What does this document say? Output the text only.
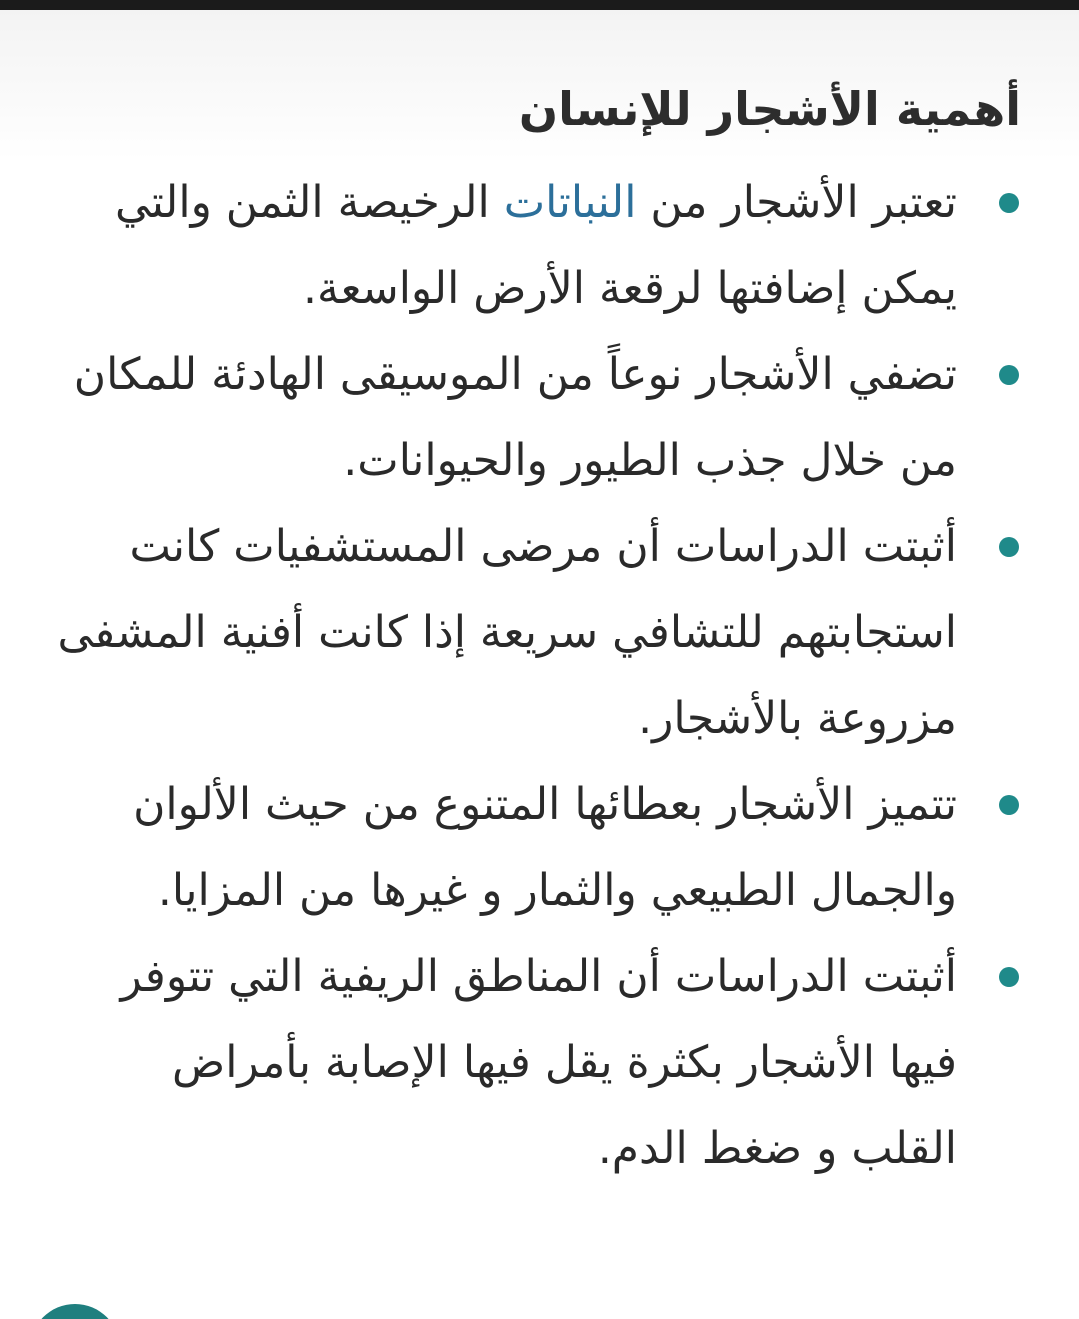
أهمية الأشجار للإنسان
تعتبر الأشجار من النباتات الرخيصة الثمن والتي يمكن إضافتها لرقعة الأرض الواسعة.
تضفي الأشجار نوعاً من الموسيقى الهادئة للمكان من خلال جذب الطيور والحيوانات.
أثبتت الدراسات أن مرضى المستشفيات كانت استجابتهم للتشافي سريعة إذا كانت أفنية المشفى مزروعة بالأشجار.
تتميز الأشجار بعطائها المتنوع من حيث الألوان والجمال الطبيعي والثمار و غيرها من المزايا.
أثبتت الدراسات أن المناطق الريفية التي تتوفر فيها الأشجار بكثرة يقل فيها الإصابة بأمراض القلب و ضغط الدم.
